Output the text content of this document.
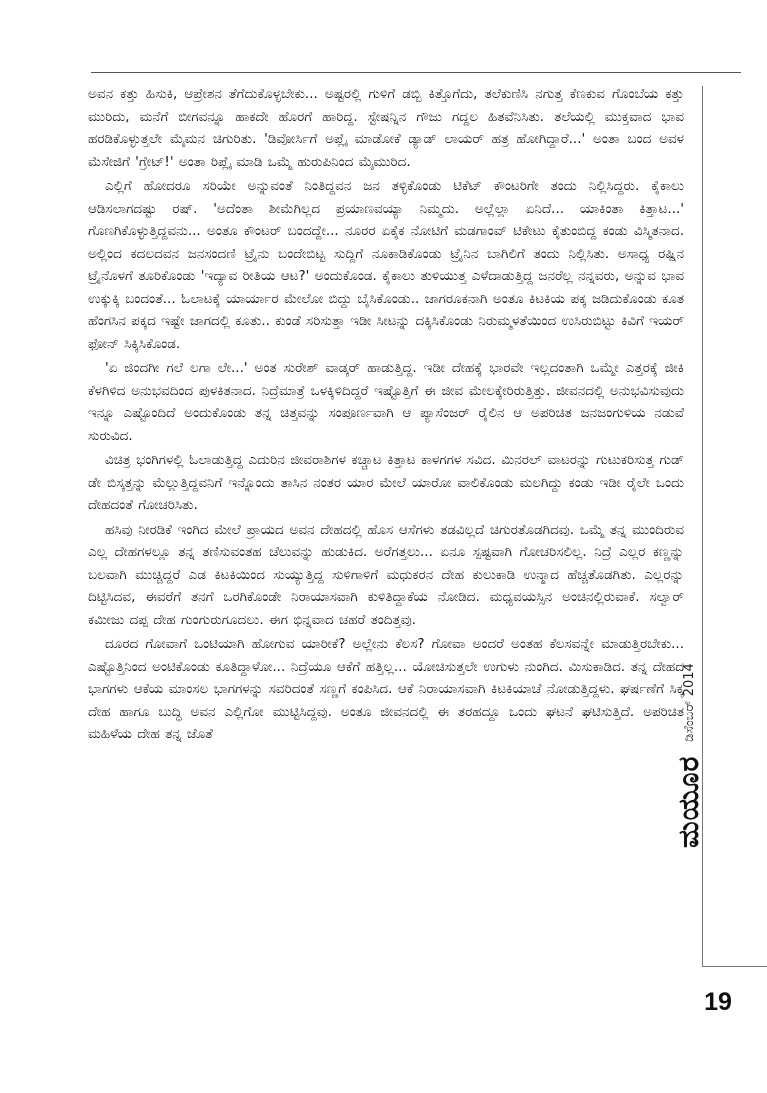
ಅವನ ಕತ್ತು ಹಿಸುಕಿ, ಆಪ್ರೇಶನ ತೆಗೆದುಕೊಳ್ಳಬೇಕು... ಅಷ್ಟರಲ್ಲಿ ಗುಳಿಗೆ ಡಬ್ಬಿ ಕಿತ್ತೊಗೆದು, ತಲೆಕುಣಿಸಿ ನಗುತ್ತ ಕೆಣಕುವ ಗೊಂಬೆಯ ಕತ್ತು ಮುರಿದು, ಮನೆಗೆ ಬೀಗವನ್ನೂ ಹಾಕದೇ ಹೊರಗೆ ಹಾರಿದ್ದ. ಸ್ಟೇಷನ್ನಿನ ಗೌಜು ಗದ್ದಲ ಹಿತವೆನಿಸಿತು. ತಲೆಯಲ್ಲಿ ಮುಕ್ತವಾದ ಭಾವ ಹರಡಿಕೊಳ್ಳುತ್ತಲೇ ಮೈಮನ ಚಿಗುರಿತು. 'ಡಿವೋರ್ಸಿಗೆ ಅಪ್ಲೈ ಮಾಡೋಕೆ ಡ್ಯಾಡ್ ಲಾಯರ್ ಹತ್ರ ಹೋಗಿದ್ದಾರೆ...' ಅಂತಾ ಬಂದ ಅವಳ ಮೆಸೇಜಿಗೆ 'ಗ್ರೇಟ್!' ಅಂತಾ ರಿಪ್ಲೈ ಮಾಡಿ ಒಮ್ಮೆ ಹುರುಪಿನಿಂದ ಮೈಮುರಿದ.

ಎಲ್ಲಿಗೆ ಹೋದರೂ ಸರಿಯೇ ಅನ್ನುವಂತೆ ನಿಂತಿದ್ದವನ ಜನ ತಳ್ಳಿಕೊಂಡು ಟಿಕೆಟ್ ಕೌಂಟರಿಗೇ ತಂದು ನಿಲ್ಲಿಸಿದ್ದರು. ಕೈಕಾಲು ಆಡಿಸಲಾಗದಷ್ಟು ರಷ್. 'ಅದೆಂತಾ ಶೀಮೆಗಿಲ್ಲದ ಪ್ರಯಾಣವಯ್ಯಾ ನಿಮ್ಮದು. ಅಲ್ಲೆಲ್ಲಾ ಏನಿದೆ... ಯಾಕಿಂತಾ ಕಿತ್ತಾಟ...' ಗೊಣಗಿಕೊಳ್ಳುತ್ತಿದ್ದವನು... ಅಂತೂ ಕೌಂಟರ್ ಬಂದದ್ದೇ... ನೂರರ ಏಕೈಕ ನೋಟಿಗೆ ಮಡಗಾಂವ್ ಟಿಕೇಟು ಕೈತುಂಬಿದ್ದ ಕಂಡು ವಿಸ್ಮಿತನಾದ. ಅಲ್ಲಿಂದ ಕದಲದವನ ಜನಸಂದಣಿ ಟ್ರೈನು ಬಂದೇಬಿಟ್ಟ ಸುದ್ದಿಗೆ ನೂಕಾಡಿಕೊಂಡು ಟ್ರೈನಿನ ಬಾಗಿಲಿಗೆ ತಂದು ನಿಲ್ಲಿಸಿತು. ಅಸಾಧ್ಯ ರಷ್ಷಿನ ಟ್ರೈನೊಳಗೆ ತೂರಿಕೊಂಡು 'ಇದ್ಯಾವ ರೀತಿಯ ಆಟ?' ಅಂದುಕೊಂಡ. ಕೈಕಾಲು ತುಳಿಯುತ್ತ ಎಳೆದಾಡುತ್ತಿದ್ದ ಜನರೆಲ್ಲ ನನ್ನವರು, ಅನ್ನುವ ಭಾವ ಉಕ್ಕುಕ್ಕಿ ಬಂದಂತೆ... ಓಲಾಟಕ್ಕೆ ಯಾರ್ಯಾರ ಮೇಲೋ ಬಿದ್ದು ಬೈಸಿಕೊಂಡು.. ಜಾಗರೂಕನಾಗಿ ಅಂತೂ ಕಿಟಕಿಯ ಪಕ್ಕ ಜಡಿದುಕೊಂಡು ಕೂತ ಹೆಂಗಸಿನ ಪಕ್ಕದ ಇಷ್ಟೇ ಜಾಗದಲ್ಲಿ ಕೂತು.. ಕುಂಡೆ ಸರಿಸುತ್ತಾ ಇಡೀ ಸೀಟನ್ನು ದಕ್ಕಿಸಿಕೊಂಡು ನಿರುಮ್ಮಳತೆಯಿಂದ ಉಸಿರುಬಿಟ್ಟು ಕಿವಿಗೆ ಇಯರ್ ಫೋನ್ ಸಿಕ್ಕಿಸಿಕೊಂಡ.

'ಏ ಜಿಂದಗೀ ಗಲೆ ಲಗಾ ಲೇ...' ಅಂತ ಸುರೇಶ್ ವಾಡ್ಕರ್ ಹಾಡುತ್ತಿದ್ದ. ಇಡೀ ದೇಹಕ್ಕೆ ಭಾರವೇ ಇಲ್ಲದಂತಾಗಿ ಒಮ್ಮೇ ಎತ್ತರಕ್ಕೆ ಜೀಕಿ ಕೆಳಗಿಳಿದ ಅನುಭವದಿಂದ ಪುಳಕಿತನಾದ. ನಿದ್ರೆಮಾತ್ರೆ ಒಳಕ್ಕಿಳಿದಿದ್ದರೆ ಇಷ್ಟೊತ್ತಿಗೆ ಈ ಜೀವ ಮೇಲಕ್ಕೇರಿರುತ್ತಿತ್ತು. ಜೀವನದಲ್ಲಿ ಅನುಭವಿಸುವುದು ಇನ್ನೂ ಎಷ್ಟೊಂದಿದೆ ಅಂದುಕೊಂಡು ತನ್ನ ಚಿತ್ತವನ್ನು ಸಂಪೂರ್ಣವಾಗಿ ಆ ಪ್ಯಾಸೆಂಜರ್ ರೈಲಿನ ಆ ಅಪರಿಚಿತ ಜನಜಂಗುಳಿಯ ನಡುವೆ ಸುರುವಿದ.

ವಿಚಿತ್ರ ಭಂಗಿಗಳಲ್ಲಿ ಓಲಾಡುತ್ತಿದ್ದ ಎದುರಿನ ಜೀವರಾಶಿಗಳ ಕಚ್ಚಾಟ ಕಿತ್ತಾಟ ಕಾಳಗಗಳ ಸವಿದ. ಮಿನರಲ್ ವಾಟರನ್ನು ಗುಟುಕರಿಸುತ್ತ ಗುಡ್ ಡೇ ಬಿಸ್ಕತ್ತನ್ನು ಮೆಲ್ಲುತ್ತಿದ್ದವನಿಗೆ ಇನ್ನೊಂದು ತಾಸಿನ ನಂತರ ಯಾರ ಮೇಲೆ ಯಾರೋ ವಾಲಿಕೊಂಡು ಮಲಗಿದ್ದು ಕಂಡು ಇಡೀ ರೈಲೇ ಒಂದು ದೇಹದಂತೆ ಗೋಚರಿಸಿತು.

ಹಸಿವು ನೀರಡಿಕೆ ಇಂಗಿದ ಮೇಲೆ ಪ್ರಾಯದ ಅವನ ದೇಹದಲ್ಲಿ ಹೊಸ ಆಸೆಗಳು ತಡವಿಲ್ಲದೆ ಚಿಗುರತೊಡಗಿದವು. ಒಮ್ಮೆ ತನ್ನ ಮುಂದಿರುವ ಎಲ್ಲ ದೇಹಗಳಲ್ಲೂ ತನ್ನ ತಣಿಸುವಂತಹ ಚೆಲುವನ್ನು ಹುಡುಕಿದ. ಅರೆಗತ್ತಲು... ಏನೂ ಸ್ಪಷ್ಟವಾಗಿ ಗೋಚರಿಸಲಿಲ್ಲ. ನಿದ್ರೆ ಎಲ್ಲರ ಕಣ್ಣನ್ನು ಬಲವಾಗಿ ಮುಚ್ಚಿದ್ದರೆ ಎಡ ಕಿಟಕಿಯಿಂದ ಸುಯ್ಯುತ್ತಿದ್ದ ಸುಳಿಗಾಳಿಗೆ ಮಧುಕರನ ದೇಹ ಕುಲುಕಾಡಿ ಉನ್ಮಾದ ಹೆಚ್ಚತೊಡಗಿತು. ಎಲ್ಲರನ್ನು ದಿಟ್ಟಿಸಿದವ, ಈವರೆಗೆ ತನಗೆ ಒರಗಿಕೊಂಡೇ ನಿರಾಯಾಸವಾಗಿ ಕುಳಿತಿದ್ದಾಕೆಯ ನೋಡಿದ. ಮಧ್ಯವಯಸ್ಸಿನ ಅಂಚಿನಲ್ಲಿರುವಾಕೆ. ಸಲ್ವಾರ್ ಕಮೀಜು ದಪ್ಪ ದೇಹ ಗುಂಗುರುಗೂದಲು. ಈಗ ಭಿನ್ನವಾದ ಚಹರೆ ತಂದಿತ್ತವು.

ದೂರದ ಗೋವಾಗೆ ಒಂಟಿಯಾಗಿ ಹೋಗುವ ಯಾರೀಕೆ? ಅಲ್ಲೇನು ಕೆಲಸ? ಗೋವಾ ಅಂದರೆ ಅಂತಹ ಕೆಲಸವನ್ನೇ ಮಾಡುತ್ತಿರಬೇಕು... ಎಷ್ಟೊತ್ತಿನಿಂದ ಅಂಟಿಕೊಂಡು ಕೂತಿದ್ದಾಳೋ... ನಿದ್ರೆಯೂ ಆಕೆಗೆ ಹತ್ತಿಲ್ಲ... ಯೋಚಿಸುತ್ತಲೇ ಉಗುಳು ನುಂಗಿದ. ಮಿಸುಕಾಡಿದ. ತನ್ನ ದೇಹದ ಭಾಗಗಳು ಆಕೆಯ ಮಾಂಸಲ ಭಾಗಗಳನ್ನು ಸವರಿದಂತೆ ಸಣ್ಣಗೆ ಕಂಪಿಸಿದ. ಆಕೆ ನಿರಾಯಾಸವಾಗಿ ಕಿಟಕಿಯಾಚೆ ನೋಡುತ್ತಿದ್ದಳು. ಘರ್ಷಣೆಗೆ ಸಿಕ್ಕ ದೇಹ ಹಾಗೂ ಬುದ್ಧಿ ಅವನ ಎಲ್ಲಿಗೋ ಮುಟ್ಟಿಸಿದ್ದವು. ಅಂತೂ ಜೀವನದಲ್ಲಿ ಈ ತರಹದ್ದೂ ಒಂದು ಘಟನೆ ಘಟಿಸುತ್ತಿದೆ. ಅಪರಿಚಿತ ಮಹಿಳೆಯ ದೇಹ ತನ್ನ ಜೊತೆ

ಮಯೂರ
ಡಿಸೆಂಬರ್ 2014
19
